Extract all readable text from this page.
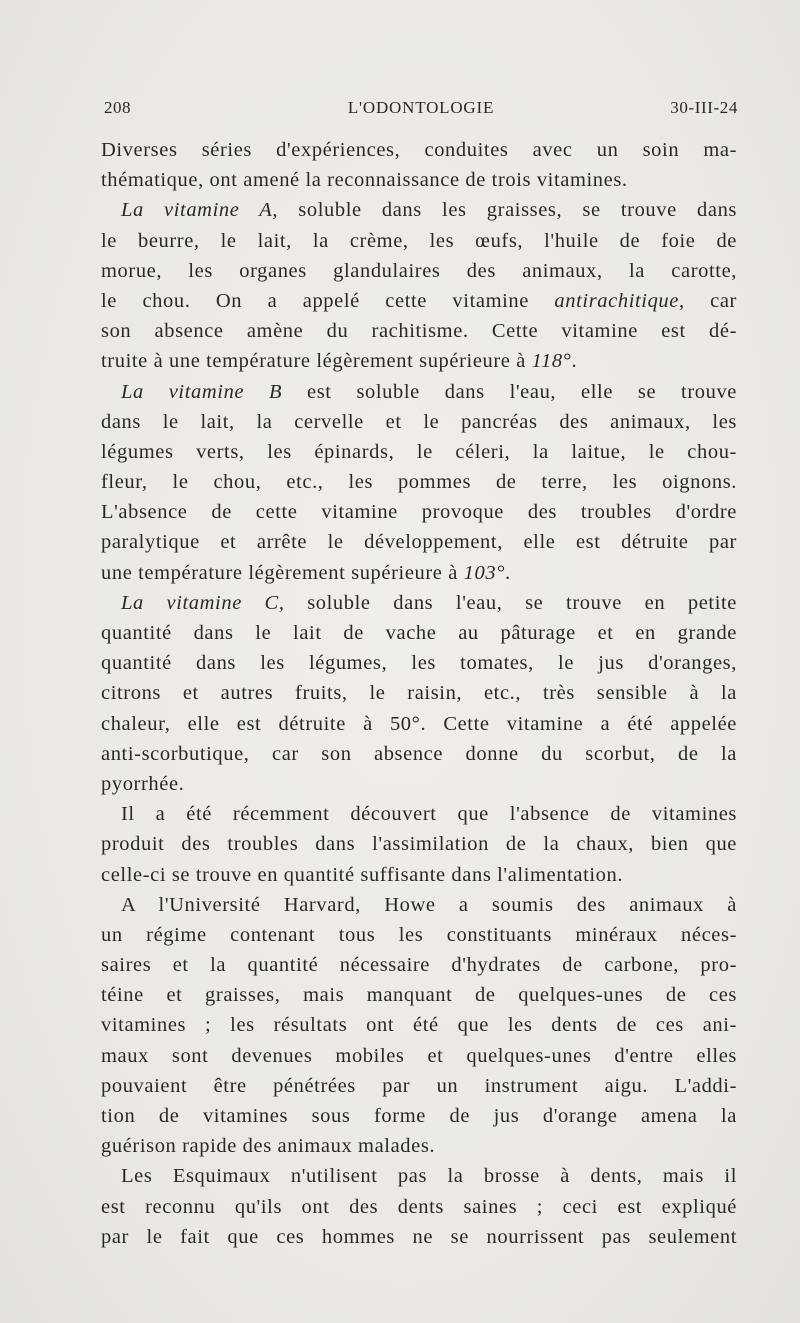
208	L'ODONTOLOGIE	30-III-24
Diverses séries d'expériences, conduites avec un soin ma-
thématique, ont amené la reconnaissance de trois vitamines.
La vitamine A, soluble dans les graisses, se trouve dans
le beurre, le lait, la crème, les œufs, l'huile de foie de
morue, les organes glandulaires des animaux, la carotte,
le chou. On a appelé cette vitamine antirachitique, car
son absence amène du rachitisme. Cette vitamine est dé-
truite à une température légèrement supérieure à 118°.
La vitamine B est soluble dans l'eau, elle se trouve
dans le lait, la cervelle et le pancréas des animaux, les
légumes verts, les épinards, le céleri, la laitue, le chou-
fleur, le chou, etc., les pommes de terre, les oignons.
L'absence de cette vitamine provoque des troubles d'ordre
paralytique et arrête le développement, elle est détruite par
une température légèrement supérieure à 103°.
La vitamine C, soluble dans l'eau, se trouve en petite
quantité dans le lait de vache au pâturage et en grande
quantité dans les légumes, les tomates, le jus d'oranges,
citrons et autres fruits, le raisin, etc., très sensible à la
chaleur, elle est détruite à 50°. Cette vitamine a été appelée
anti-scorbutique, car son absence donne du scorbut, de la
pyorrhée.
Il a été récemment découvert que l'absence de vitamines
produit des troubles dans l'assimilation de la chaux, bien que
celle-ci se trouve en quantité suffisante dans l'alimentation.
A l'Université Harvard, Howe a soumis des animaux à
un régime contenant tous les constituants minéraux néces-
saires et la quantité nécessaire d'hydrates de carbone, pro-
téine et graisses, mais manquant de quelques-unes de ces
vitamines ; les résultats ont été que les dents de ces ani-
maux sont devenues mobiles et quelques-unes d'entre elles
pouvaient être pénétrées par un instrument aigu. L'addi-
tion de vitamines sous forme de jus d'orange amena la
guérison rapide des animaux malades.
Les Esquimaux n'utilisent pas la brosse à dents, mais il
est reconnu qu'ils ont des dents saines ; ceci est expliqué
par le fait que ces hommes ne se nourrissent pas seulement
